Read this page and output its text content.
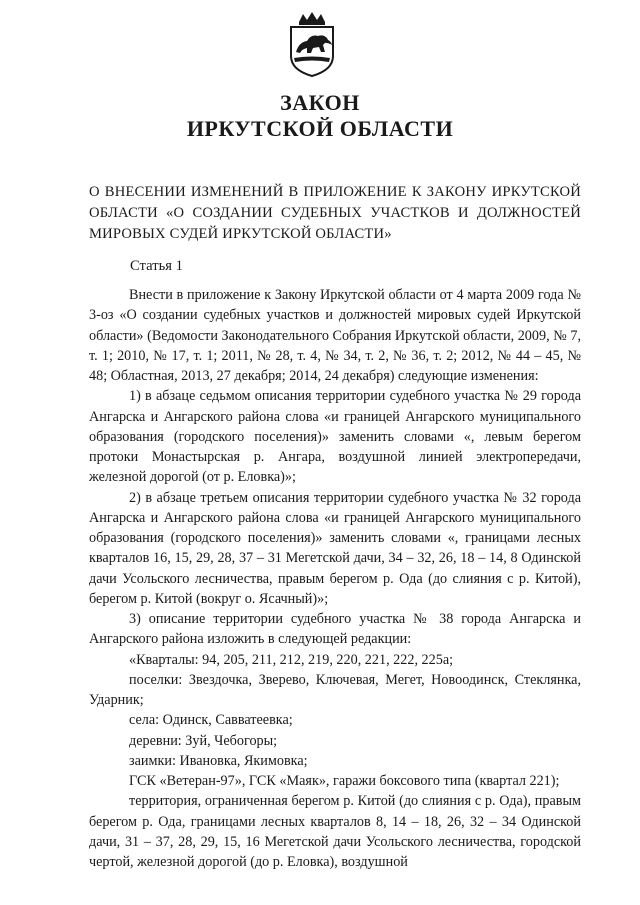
ЗАКОН
ИРКУТСКОЙ ОБЛАСТИ
О ВНЕСЕНИИ ИЗМЕНЕНИЙ В ПРИЛОЖЕНИЕ К ЗАКОНУ ИРКУТСКОЙ ОБЛАСТИ «О СОЗДАНИИ СУДЕБНЫХ УЧАСТКОВ И ДОЛЖНОСТЕЙ МИРОВЫХ СУДЕЙ ИРКУТСКОЙ ОБЛАСТИ»
Статья 1

Внести в приложение к Закону Иркутской области от 4 марта 2009 года № 3-оз «О создании судебных участков и должностей мировых судей Иркутской области» (Ведомости Законодательного Собрания Иркутской области, 2009, № 7, т. 1; 2010, № 17, т. 1; 2011, № 28, т. 4, № 34, т. 2, № 36, т. 2; 2012, № 44 – 45, № 48; Областная, 2013, 27 декабря; 2014, 24 декабря) следующие изменения:

1) в абзаце седьмом описания территории судебного участка № 29 города Ангарска и Ангарского района слова «и границей Ангарского муниципального образования (городского поселения)» заменить словами «, левым берегом протоки Монастырская р. Ангара, воздушной линией электропередачи, железной дорогой (от р. Еловка)»;

2) в абзаце третьем описания территории судебного участка № 32 города Ангарска и Ангарского района слова «и границей Ангарского муниципального образования (городского поселения)» заменить словами «, границами лесных кварталов 16, 15, 29, 28, 37 – 31 Мегетской дачи, 34 – 32, 26, 18 – 14, 8 Одинской дачи Усольского лесничества, правым берегом р. Ода (до слияния с р. Китой), берегом р. Китой (вокруг о. Ясачный)»;

3) описание территории судебного участка № 38 города Ангарска и Ангарского района изложить в следующей редакции:

«Кварталы: 94, 205, 211, 212, 219, 220, 221, 222, 225а;

поселки: Звездочка, Зверево, Ключевая, Мегет, Новоодинск, Стеклянка, Ударник;

села: Одинск, Савватеевка;

деревни: Зуй, Чебогоры;

заимки: Ивановка, Якимовка;

ГСК «Ветеран-97», ГСК «Маяк», гаражи боксового типа (квартал 221);

территория, ограниченная берегом р. Китой (до слияния с р. Ода), правым берегом р. Ода, границами лесных кварталов 8, 14 – 18, 26, 32 – 34 Одинской дачи, 31 – 37, 28, 29, 15, 16 Мегетской дачи Усольского лесничества, городской чертой, железной дорогой (до р. Еловка), воздушной
